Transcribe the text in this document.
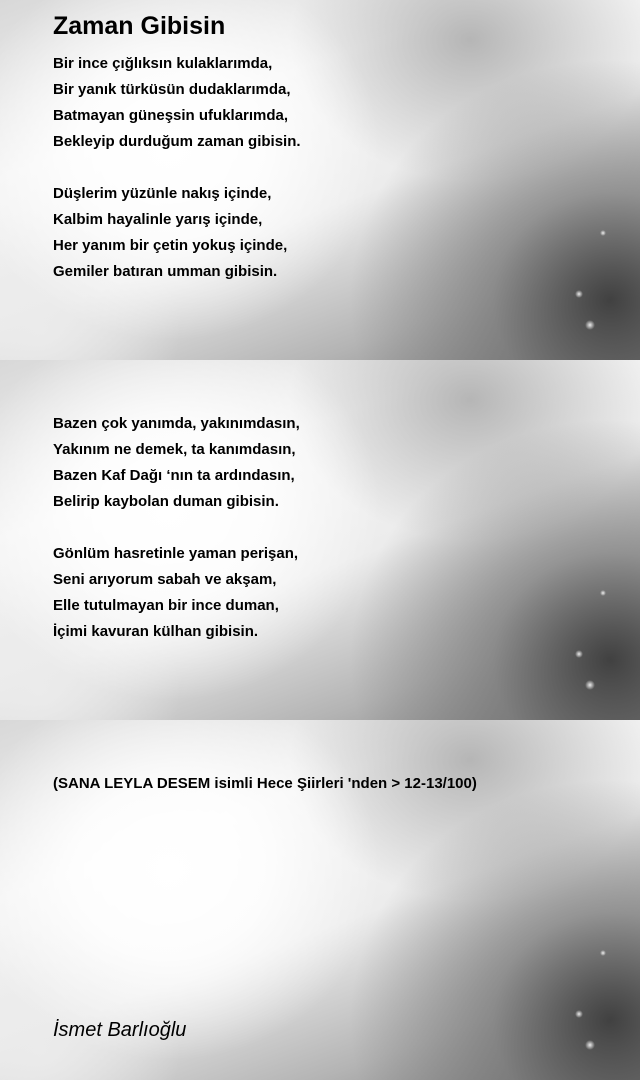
Zaman Gibisin
Bir ince çığlıksın kulaklarımda,
Bir yanık türküsün dudaklarımda,
Batmayan güneşsin ufuklarımda,
Bekleyip durduğum zaman gibisin.
Düşlerim yüzünle nakış içinde,
Kalbim hayalinle yarış içinde,
Her yanım bir çetin yokuş içinde,
Gemiler batıran umman gibisin.
Bazen çok yanımda, yakınımdasın,
Yakınım ne demek, ta kanımdasın,
Bazen Kaf Dağı ‘nın ta ardındasın,
Belirip kaybolan duman gibisin.
Gönlüm hasretinle yaman perişan,
Seni arıyorum sabah ve akşam,
Elle tutulmayan bir ince duman,
İçimi kavuran külhan gibisin.
(SANA LEYLA DESEM isimli Hece Şiirleri 'nden > 12-13/100)
İsmet Barlıoğlu
